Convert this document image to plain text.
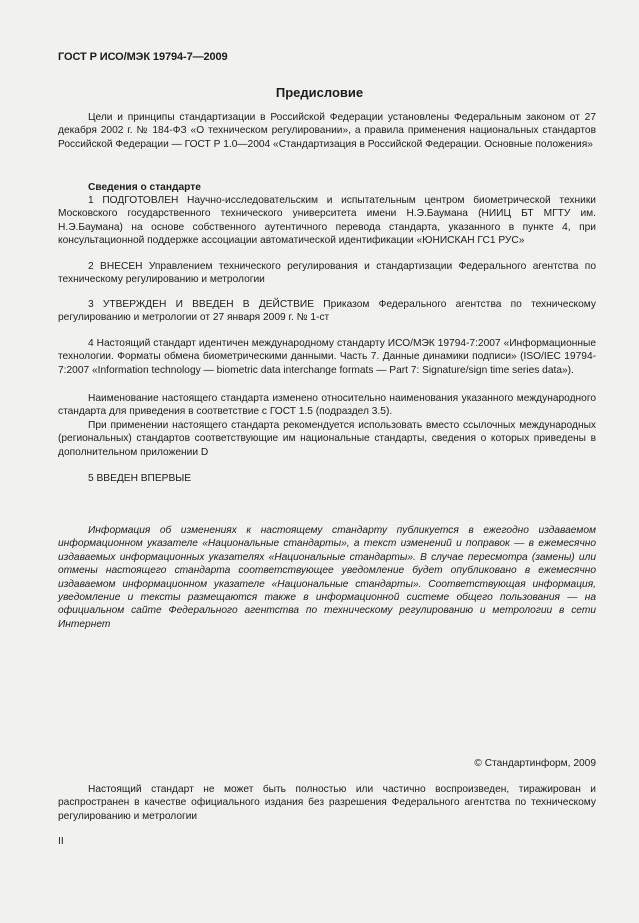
ГОСТ Р ИСО/МЭК 19794-7—2009
Предисловие
Цели и принципы стандартизации в Российской Федерации установлены Федеральным законом от 27 декабря 2002 г. № 184-ФЗ «О техническом регулировании», а правила применения национальных стандартов Российской Федерации — ГОСТ Р 1.0—2004 «Стандартизация в Российской Федерации. Основные положения»
Сведения о стандарте
1 ПОДГОТОВЛЕН Научно-исследовательским и испытательным центром биометрической техники Московского государственного технического университета имени Н.Э.Баумана (НИИЦ БТ МГТУ им. Н.Э.Баумана) на основе собственного аутентичного перевода стандарта, указанного в пункте 4, при консультационной поддержке ассоциации автоматической идентификации «ЮНИСКАН ГС1 РУС»
2 ВНЕСЕН Управлением технического регулирования и стандартизации Федерального агентства по техническому регулированию и метрологии
3 УТВЕРЖДЕН И ВВЕДЕН В ДЕЙСТВИЕ Приказом Федерального агентства по техническому регулированию и метрологии от 27 января 2009 г. № 1-ст
4 Настоящий стандарт идентичен международному стандарту ИСО/МЭК 19794-7:2007 «Информационные технологии. Форматы обмена биометрическими данными. Часть 7. Данные динамики подписи» (ISO/IEC 19794-7:2007 «Information technology — biometric data interchange formats — Part 7: Signature/sign time series data»).
Наименование настоящего стандарта изменено относительно наименования указанного международного стандарта для приведения в соответствие с ГОСТ 1.5 (подраздел 3.5).
При применении настоящего стандарта рекомендуется использовать вместо ссылочных международных (региональных) стандартов соответствующие им национальные стандарты, сведения о которых приведены в дополнительном приложении D
5 ВВЕДЕН ВПЕРВЫЕ
Информация об изменениях к настоящему стандарту публикуется в ежегодно издаваемом информационном указателе «Национальные стандарты», а текст изменений и поправок — в ежемесячно издаваемых информационных указателях «Национальные стандарты». В случае пересмотра (замены) или отмены настоящего стандарта соответствующее уведомление будет опубликовано в ежемесячно издаваемом информационном указателе «Национальные стандарты». Соответствующая информация, уведомление и тексты размещаются также в информационной системе общего пользования — на официальном сайте Федерального агентства по техническому регулированию и метрологии в сети Интернет
© Стандартинформ, 2009
Настоящий стандарт не может быть полностью или частично воспроизведен, тиражирован и распространен в качестве официального издания без разрешения Федерального агентства по техническому регулированию и метрологии
II
